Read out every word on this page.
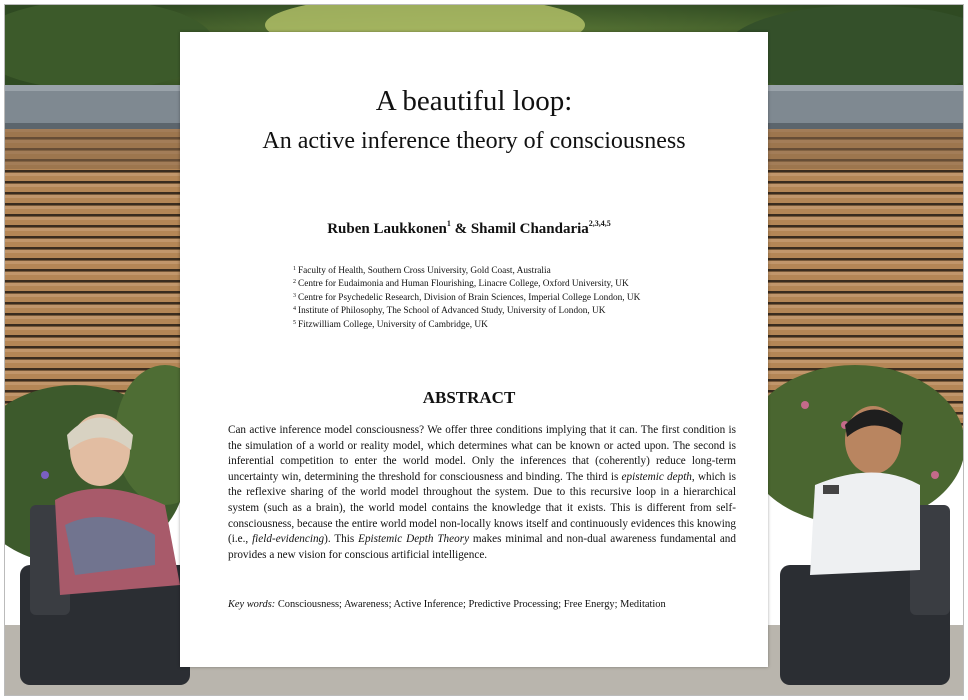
A beautiful loop:
An active inference theory of consciousness
Ruben Laukkonen$^1$ & Shamil Chandaria$^{2,3,4,5}$
$^1$ Faculty of Health, Southern Cross University, Gold Coast, Australia
$^2$ Centre for Eudaimonia and Human Flourishing, Linacre College, Oxford University, UK
$^3$ Centre for Psychedelic Research, Division of Brain Sciences, Imperial College London, UK
$^4$ Institute of Philosophy, The School of Advanced Study, University of London, UK
$^5$ Fitzwilliam College, University of Cambridge, UK
ABSTRACT
Can active inference model consciousness? We offer three conditions implying that it can. The first condition is the simulation of a world or reality model, which determines what can be known or acted upon. The second is inferential competition to enter the world model. Only the inferences that (coherently) reduce long-term uncertainty win, determining the threshold for consciousness and binding. The third is epistemic depth, which is the reflexive sharing of the world model throughout the system. Due to this recursive loop in a hierarchical system (such as a brain), the world model contains the knowledge that it exists. This is different from self-consciousness, because the entire world model non-locally knows itself and continuously evidences this knowing (i.e., field-evidencing). This Epistemic Depth Theory makes minimal and non-dual awareness fundamental and provides a new vision for conscious artificial intelligence.
Key words: Consciousness; Awareness; Active Inference; Predictive Processing; Free Energy; Meditation
